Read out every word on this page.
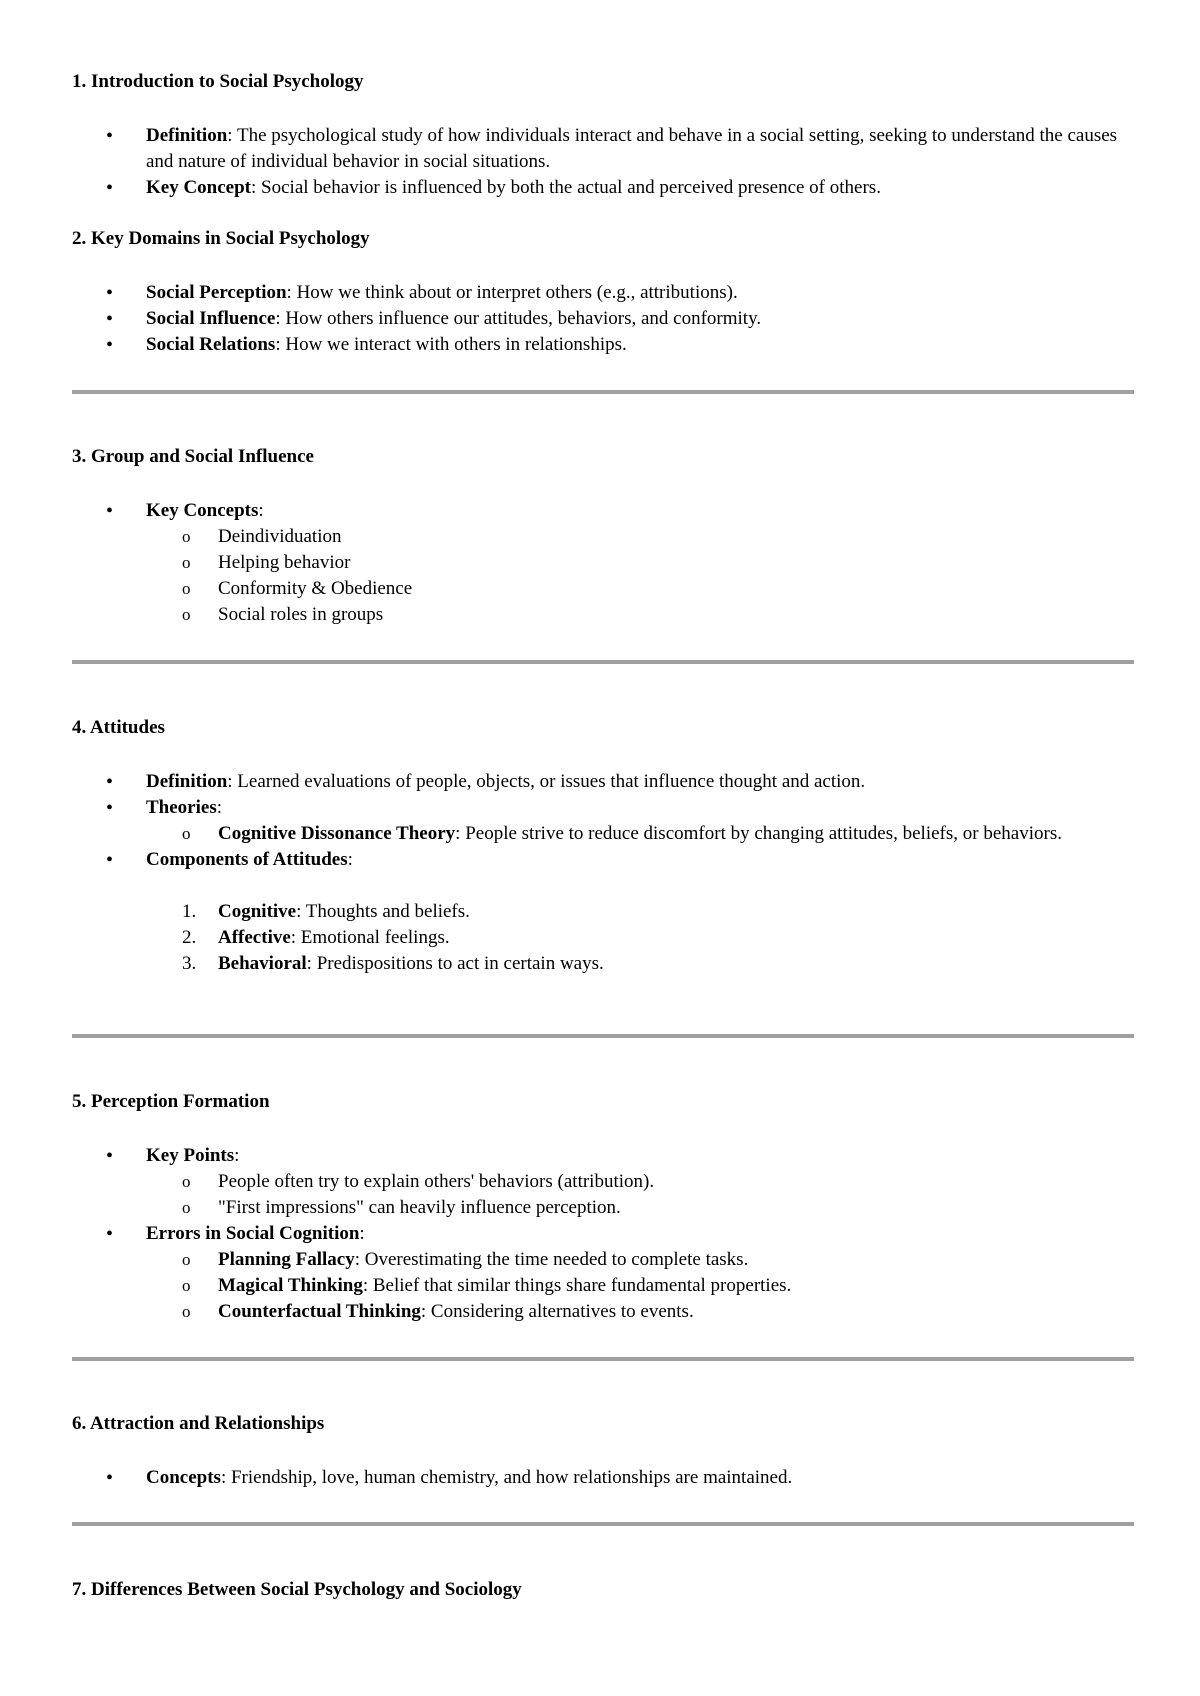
1. Introduction to Social Psychology
• Definition: The psychological study of how individuals interact and behave in a social setting, seeking to understand the causes and nature of individual behavior in social situations.
• Key Concept: Social behavior is influenced by both the actual and perceived presence of others.
2. Key Domains in Social Psychology
• Social Perception: How we think about or interpret others (e.g., attributions).
• Social Influence: How others influence our attitudes, behaviors, and conformity.
• Social Relations: How we interact with others in relationships.
3. Group and Social Influence
• Key Concepts:
o Deindividuation
o Helping behavior
o Conformity & Obedience
o Social roles in groups
4. Attitudes
• Definition: Learned evaluations of people, objects, or issues that influence thought and action.
• Theories:
o Cognitive Dissonance Theory: People strive to reduce discomfort by changing attitudes, beliefs, or behaviors.
• Components of Attitudes:
1. Cognitive: Thoughts and beliefs.
2. Affective: Emotional feelings.
3. Behavioral: Predispositions to act in certain ways.
5. Perception Formation
• Key Points:
o People often try to explain others' behaviors (attribution).
o "First impressions" can heavily influence perception.
• Errors in Social Cognition:
o Planning Fallacy: Overestimating the time needed to complete tasks.
o Magical Thinking: Belief that similar things share fundamental properties.
o Counterfactual Thinking: Considering alternatives to events.
6. Attraction and Relationships
• Concepts: Friendship, love, human chemistry, and how relationships are maintained.
7. Differences Between Social Psychology and Sociology
